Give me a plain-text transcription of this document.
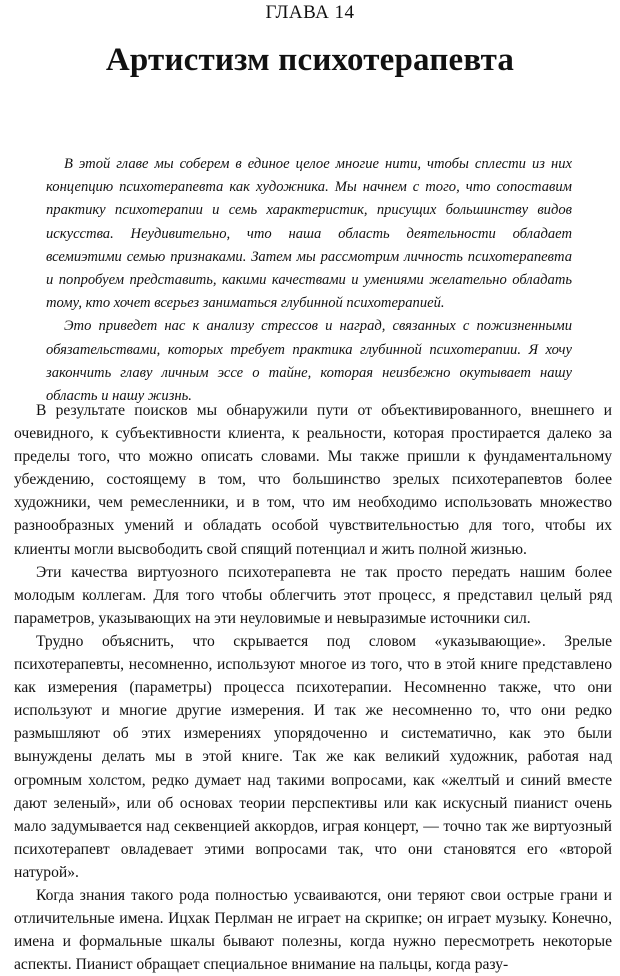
ГЛАВА 14
Артистизм психотерапевта

В этой главе мы соберем в единое целое многие нити, чтобы сплести из них концепцию психотерапевта как художника. Мы начнем с того, что сопоставим практику психотерапии и семь характеристик, присущих большинству видов искусства. Неудивительно, что наша область деятельности обладает всемиэтими семью признаками. Затем мы рассмотрим личность психотерапевта и попробуем представить, какими качествами и умениями желательно обладать тому, кто хочет всерьез заниматься глубинной психотерапией.

Это приведет нас к анализу стрессов и наград, связанных с пожизненными обязательствами, которых требует практика глубинной психотерапии. Я хочу закончить главу личным эссе о тайне, которая неизбежно окутывает нашу область и нашу жизнь.

В результате поисков мы обнаружили пути от объективированного, внешнего и очевидного, к субъективности клиента, к реальности, которая простирается далеко за пределы того, что можно описать словами. Мы также пришли к фундаментальному убеждению, состоящему в том, что большинство зрелых психотерапевтов более художники, чем ремесленники, и в том, что им необходимо использовать множество разнообразных умений и обладать особой чувствительностью для того, чтобы их клиенты могли высвободить свой спящий потенциал и жить полной жизнью.

Эти качества виртуозного психотерапевта не так просто передать нашим более молодым коллегам. Для того чтобы облегчить этот процесс, я представил целый ряд параметров, указывающих на эти неуловимые и невыразимые источники сил.

Трудно объяснить, что скрывается под словом «указывающие». Зрелые психотерапевты, несомненно, используют многое из того, что в этой книге представлено как измерения (параметры) процесса психотерапии. Несомненно также, что они используют и многие другие измерения. И так же несомненно то, что они редко размышляют об этих измерениях упорядоченно и систематично, как это были вынуждены делать мы в этой книге. Так же как великий художник, работая над огромным холстом, редко думает над такими вопросами, как «желтый и синий вместе дают зеленый», или об основах теории перспективы или как искусный пианист очень мало задумывается над секвенцией аккордов, играя концерт, — точно так же виртуозный психотерапевт овладевает этими вопросами так, что они становятся его «второй натурой».

Когда знания такого рода полностью усваиваются, они теряют свои острые грани и отличительные имена. Ицхак Перлман не играет на скрипке; он играет музыку. Конечно, имена и формальные шкалы бывают полезны, когда нужно пересмотреть некоторые аспекты. Пианист обращает специальное внимание на пальцы, когда разу-
